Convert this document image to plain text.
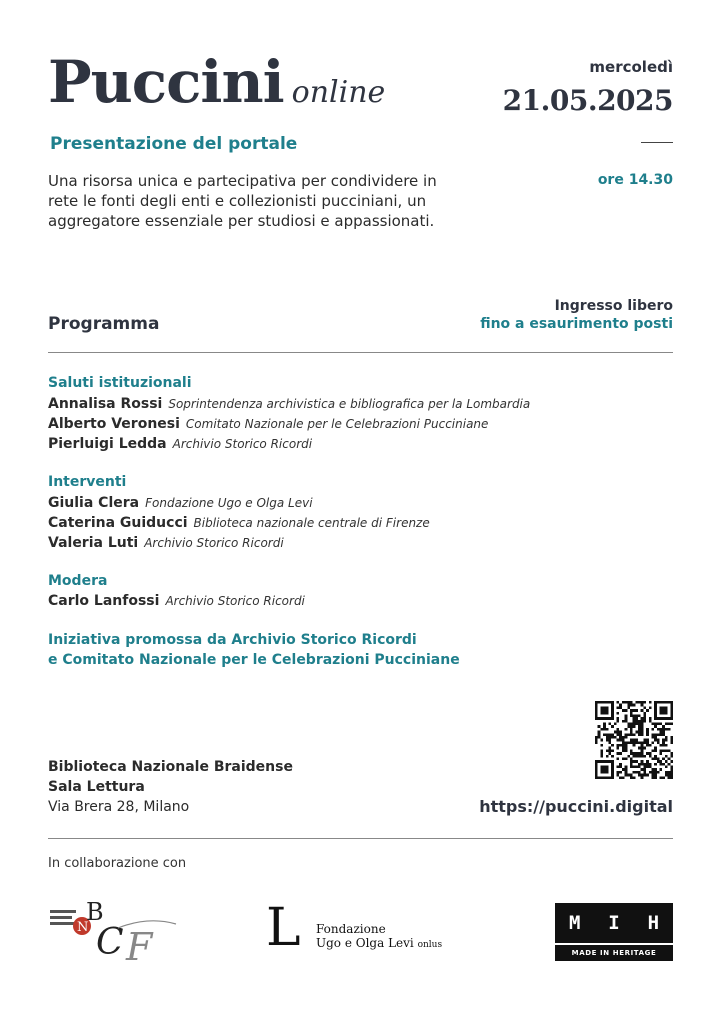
Puccini online
mercoledì
21.05.2025
Presentazione del portale
ore 14.30
Una risorsa unica e partecipativa per condividere in rete le fonti degli enti e collezionisti pucciniani, un aggregatore essenziale per studiosi e appassionati.
Ingresso libero
fino a esaurimento posti
Programma
Saluti istituzionali
Annalisa Rossi Soprintendenza archivistica e bibliografica per la Lombardia
Alberto Veronesi Comitato Nazionale per le Celebrazioni Pucciniane
Pierluigi Ledda Archivio Storico Ricordi
Interventi
Giulia Clera Fondazione Ugo e Olga Levi
Caterina Guiducci Biblioteca nazionale centrale di Firenze
Valeria Luti Archivio Storico Ricordi
Modera
Carlo Lanfossi Archivio Storico Ricordi
Iniziativa promossa da Archivio Storico Ricordi
e Comitato Nazionale per le Celebrazioni Pucciniane
Biblioteca Nazionale Braidense
Sala Lettura
Via Brera 28, Milano	https://puccini.digital
In collaborazione con
N
B
C F L Fondazione
Ugo e Olga Levi onlus
M I H
MADE IN HERITAGE
